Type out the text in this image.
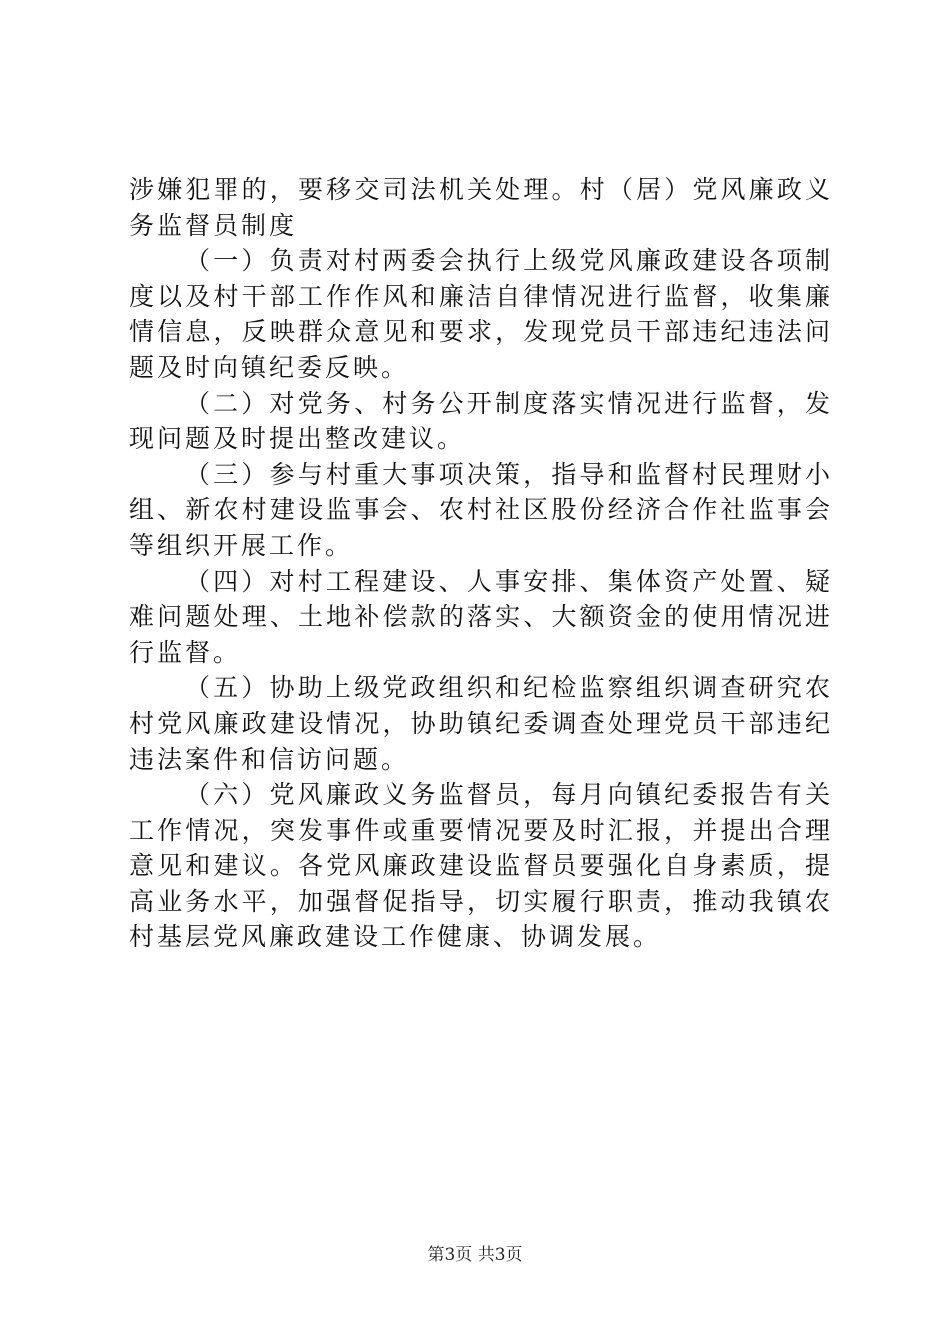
涉嫌犯罪的，要移交司法机关处理。村（居）党风廉政义务监督员制度

（一）负责对村两委会执行上级党风廉政建设各项制度以及村干部工作作风和廉洁自律情况进行监督，收集廉情信息，反映群众意见和要求，发现党员干部违纪违法问题及时向镇纪委反映。

（二）对党务、村务公开制度落实情况进行监督，发现问题及时提出整改建议。

（三）参与村重大事项决策，指导和监督村民理财小组、新农村建设监事会、农村社区股份经济合作社监事会等组织开展工作。

（四）对村工程建设、人事安排、集体资产处置、疑难问题处理、土地补偿款的落实、大额资金的使用情况进行监督。

（五）协助上级党政组织和纪检监察组织调查研究农村党风廉政建设情况，协助镇纪委调查处理党员干部违纪违法案件和信访问题。

（六）党风廉政义务监督员，每月向镇纪委报告有关工作情况，突发事件或重要情况要及时汇报，并提出合理意见和建议。各党风廉政建设监督员要强化自身素质，提高业务水平，加强督促指导，切实履行职责，推动我镇农村基层党风廉政建设工作健康、协调发展。

第3页 共3页
